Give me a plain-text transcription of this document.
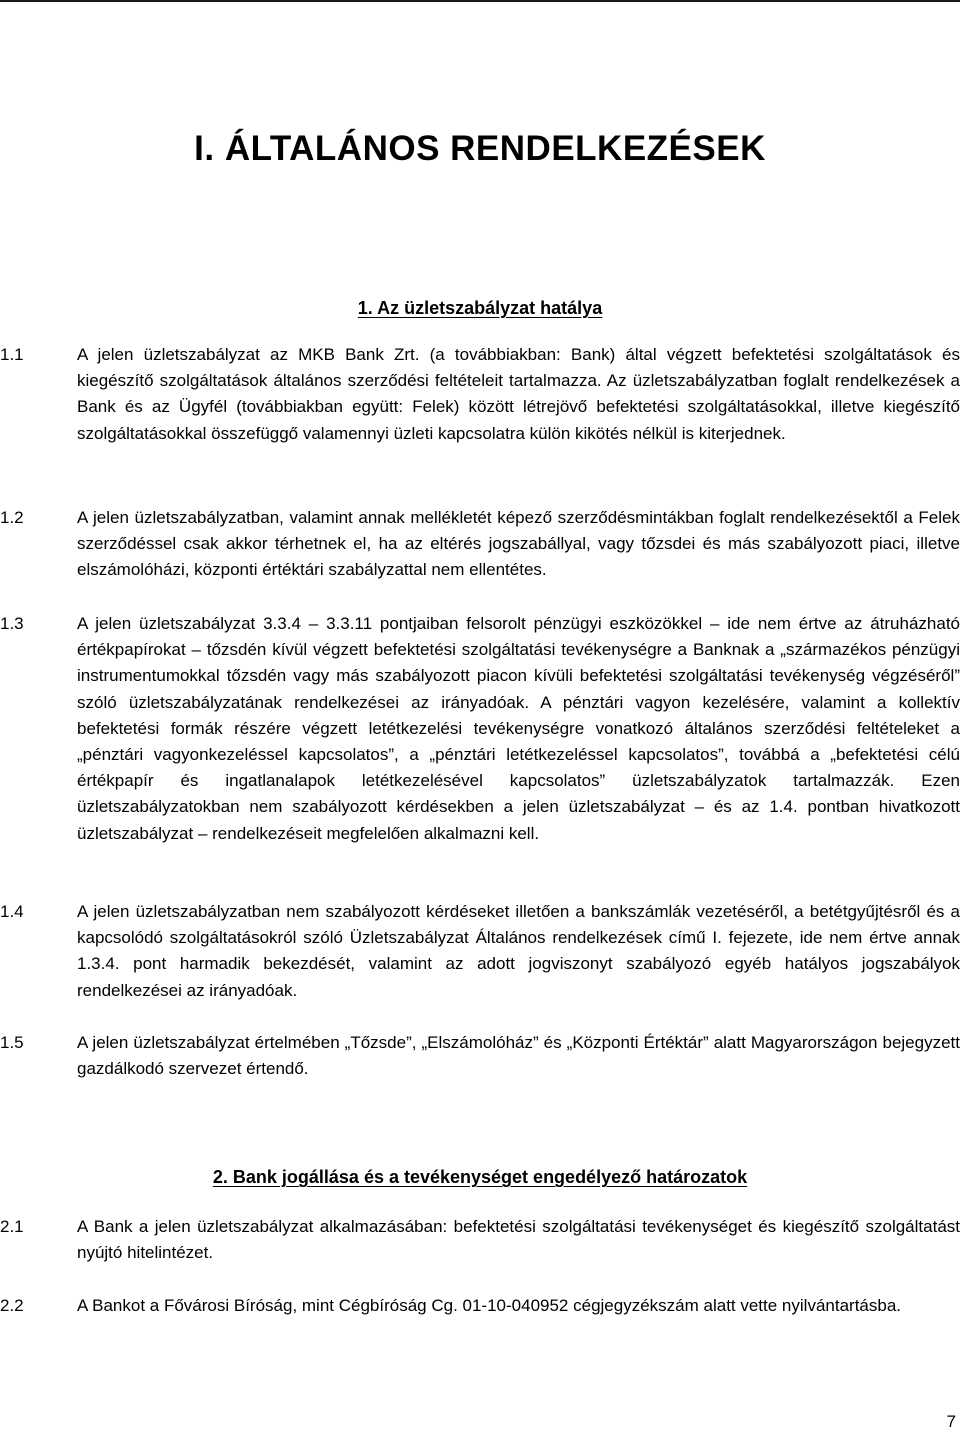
I. ÁLTALÁNOS RENDELKEZÉSEK
1. Az üzletszabályzat hatálya
1.1	A jelen üzletszabályzat az MKB Bank Zrt. (a továbbiakban: Bank) által végzett befektetési szolgáltatások és kiegészítő szolgáltatások általános szerződési feltételeit tartalmazza. Az üzletszabályzatban foglalt rendelkezések a Bank és az Ügyfél (továbbiakban együtt: Felek) között létrejövő befektetési szolgáltatásokkal, illetve kiegészítő szolgáltatásokkal összefüggő valamennyi üzleti kapcsolatra külön kikötés nélkül is kiterjednek.

1.2	A jelen üzletszabályzatban, valamint annak mellékletét képező szerződésmintákban foglalt rendelkezésektől a Felek szerződéssel csak akkor térhetnek el, ha az eltérés jogszabállyal, vagy tőzsdei és más szabályozott piaci, illetve elszámolóházi, központi értéktári szabályzattal nem ellentétes.

1.3	A jelen üzletszabályzat 3.3.4 – 3.3.11 pontjaiban felsorolt pénzügyi eszközökkel – ide nem értve az átruházható értékpapírokat – tőzsdén kívül végzett befektetési szolgáltatási tevékenységre a Banknak a „származékos pénzügyi instrumentumokkal tőzsdén vagy más szabályozott piacon kívüli befektetési szolgáltatási tevékenység végzéséről” szóló üzletszabályzatának rendelkezései az irányadóak. A pénztári vagyon kezelésére, valamint a kollektív befektetési formák részére végzett letétkezelési tevékenységre vonatkozó általános szerződési feltételeket a „pénztári vagyonkezeléssel kapcsolatos”, a „pénztári letétkezeléssel kapcsolatos”, továbbá a „befektetési célú értékpapír és ingatlanalapok letétkezelésével kapcsolatos” üzletszabályzatok tartalmazzák. Ezen üzletszabályzatokban nem szabályozott kérdésekben a jelen üzletszabályzat – és az 1.4. pontban hivatkozott üzletszabályzat – rendelkezéseit megfelelően alkalmazni kell.

1.4	A jelen üzletszabályzatban nem szabályozott kérdéseket illetően a bankszámlák vezetéséről, a betétgyűjtésről és a kapcsolódó szolgáltatásokról szóló Üzletszabályzat Általános rendelkezések című I. fejezete, ide nem értve annak 1.3.4. pont harmadik bekezdését, valamint az adott jogviszonyt szabályozó egyéb hatályos jogszabályok rendelkezései az irányadóak.

1.5	A jelen üzletszabályzat értelmében „Tőzsde”, „Elszámolóház” és „Központi Értéktár” alatt Magyarországon bejegyzett gazdálkodó szervezet értendő.

2. Bank jogállása és a tevékenységet engedélyező határozatok
2.1	A Bank a jelen üzletszabályzat alkalmazásában: befektetési szolgáltatási tevékenységet és kiegészítő szolgáltatást nyújtó hitelintézet.

2.2	A Bankot a Fővárosi Bíróság, mint Cégbíróság Cg. 01-10-040952 cégjegyzékszám alatt vette nyilvántartásba.

7
